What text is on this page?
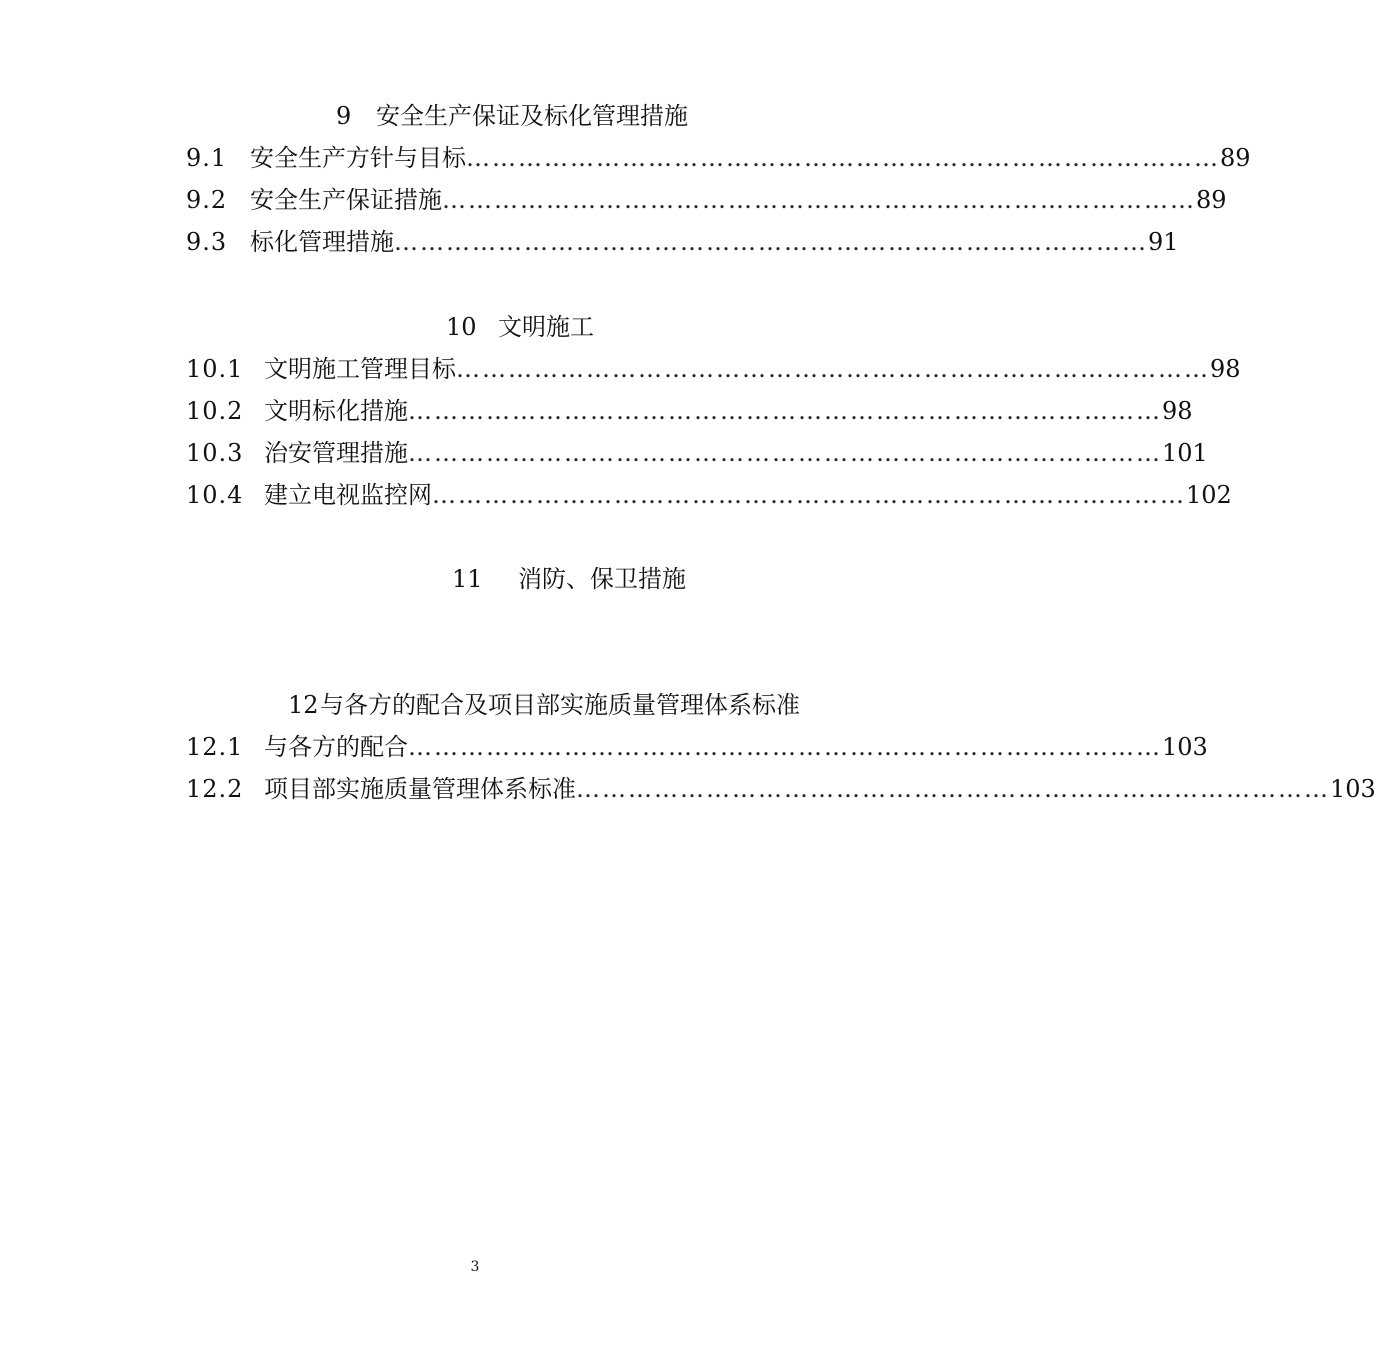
9 安全生产保证及标化管理措施
9.1 安全生产方针与目标 …………………………………………………………………………… 89
9.2 安全生产保证措施 …………………………………………………………………………… 89
9.3 标化管理措施 …………………………………………………………………………… 91
10 文明施工
10.1 文明施工管理目标 …………………………………………………………………………… 98
10.2 文明标化措施 …………………………………………………………………………… 98
10.3 治安管理措施 …………………………………………………………………………… 101
10.4 建立电视监控网 …………………………………………………………………………… 102
11 消防、保卫措施
12与各方的配合及项目部实施质量管理体系标准
12.1 与各方的配合 …………………………………………………………………………… 103
12.2 项目部实施质量管理体系标准 …………………………………………………………………………… 103
3
